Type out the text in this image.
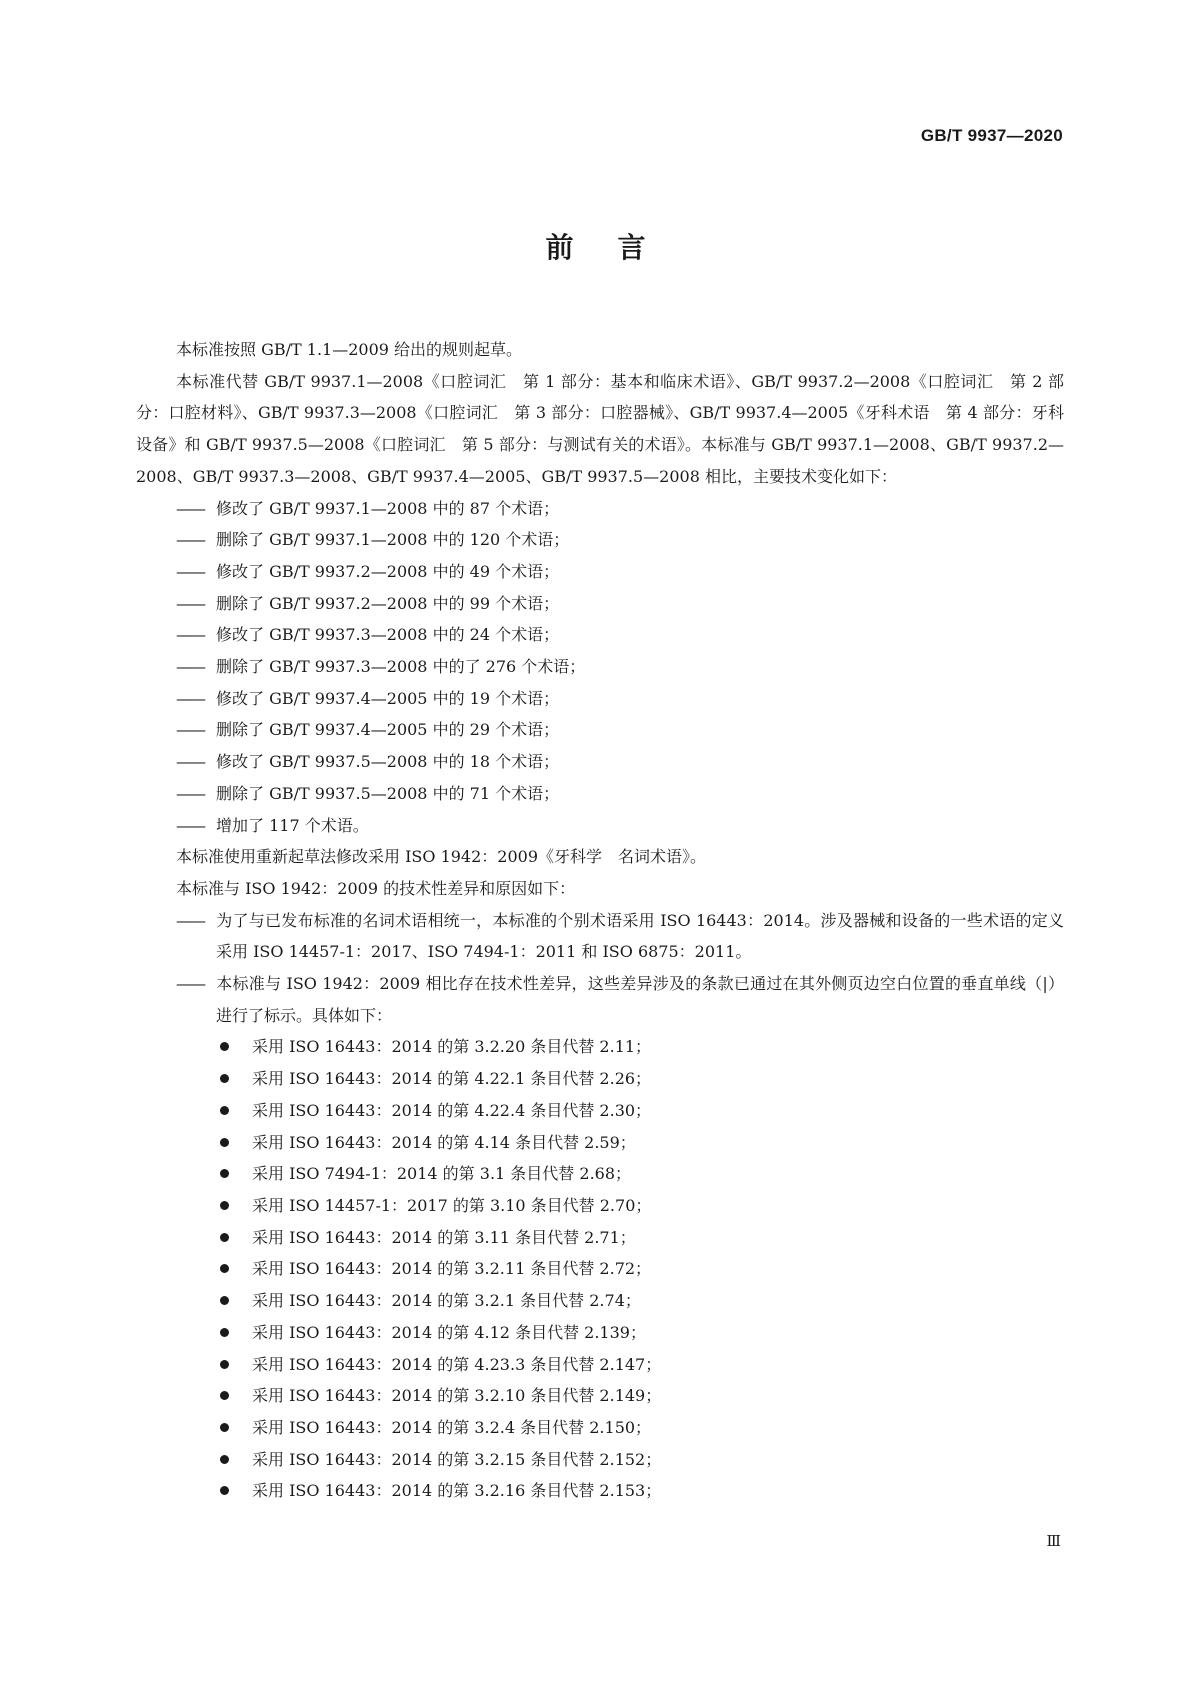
GB/T 9937—2020
前言

本标准按照 GB/T 1.1—2009 给出的规则起草。

本标准代替 GB/T 9937.1—2008《口腔词汇　第 1 部分：基本和临床术语》、GB/T 9937.2—2008《口腔词汇　第 2 部分：口腔材料》、GB/T 9937.3—2008《口腔词汇　第 3 部分：口腔器械》、GB/T 9937.4—2005《牙科术语　第 4 部分：牙科设备》和 GB/T 9937.5—2008《口腔词汇　第 5 部分：与测试有关的术语》。本标准与 GB/T 9937.1—2008、GB/T 9937.2—2008、GB/T 9937.3—2008、GB/T 9937.4—2005、GB/T 9937.5—2008 相比，主要技术变化如下：

—— 修改了 GB/T 9937.1—2008 中的 87 个术语；

—— 删除了 GB/T 9937.1—2008 中的 120 个术语；

—— 修改了 GB/T 9937.2—2008 中的 49 个术语；

—— 删除了 GB/T 9937.2—2008 中的 99 个术语；

—— 修改了 GB/T 9937.3—2008 中的 24 个术语；

—— 删除了 GB/T 9937.3—2008 中的了 276 个术语；

—— 修改了 GB/T 9937.4—2005 中的 19 个术语；

—— 删除了 GB/T 9937.4—2005 中的 29 个术语；

—— 修改了 GB/T 9937.5—2008 中的 18 个术语；

—— 删除了 GB/T 9937.5—2008 中的 71 个术语；

—— 增加了 117 个术语。

本标准使用重新起草法修改采用 ISO 1942：2009《牙科学　名词术语》。

本标准与 ISO 1942：2009 的技术性差异和原因如下：

—— 为了与已发布标准的名词术语相统一，本标准的个别术语采用 ISO 16443：2014。涉及器械和设备的一些术语的定义采用 ISO 14457-1：2017、ISO 7494-1：2011 和 ISO 6875：2011。

—— 本标准与 ISO 1942：2009 相比存在技术性差异，这些差异涉及的条款已通过在其外侧页边空白位置的垂直单线（|）进行了标示。具体如下：

采用 ISO 16443：2014 的第 3.2.20 条目代替 2.11；
采用 ISO 16443：2014 的第 4.22.1 条目代替 2.26；
采用 ISO 16443：2014 的第 4.22.4 条目代替 2.30；
采用 ISO 16443：2014 的第 4.14 条目代替 2.59；
采用 ISO 7494-1：2014 的第 3.1 条目代替 2.68；
采用 ISO 14457-1：2017 的第 3.10 条目代替 2.70；
采用 ISO 16443：2014 的第 3.11 条目代替 2.71；
采用 ISO 16443：2014 的第 3.2.11 条目代替 2.72；
采用 ISO 16443：2014 的第 3.2.1 条目代替 2.74；
采用 ISO 16443：2014 的第 4.12 条目代替 2.139；
采用 ISO 16443：2014 的第 4.23.3 条目代替 2.147；
采用 ISO 16443：2014 的第 3.2.10 条目代替 2.149；
采用 ISO 16443：2014 的第 3.2.4 条目代替 2.150；
采用 ISO 16443：2014 的第 3.2.15 条目代替 2.152；
采用 ISO 16443：2014 的第 3.2.16 条目代替 2.153；
Ⅲ
